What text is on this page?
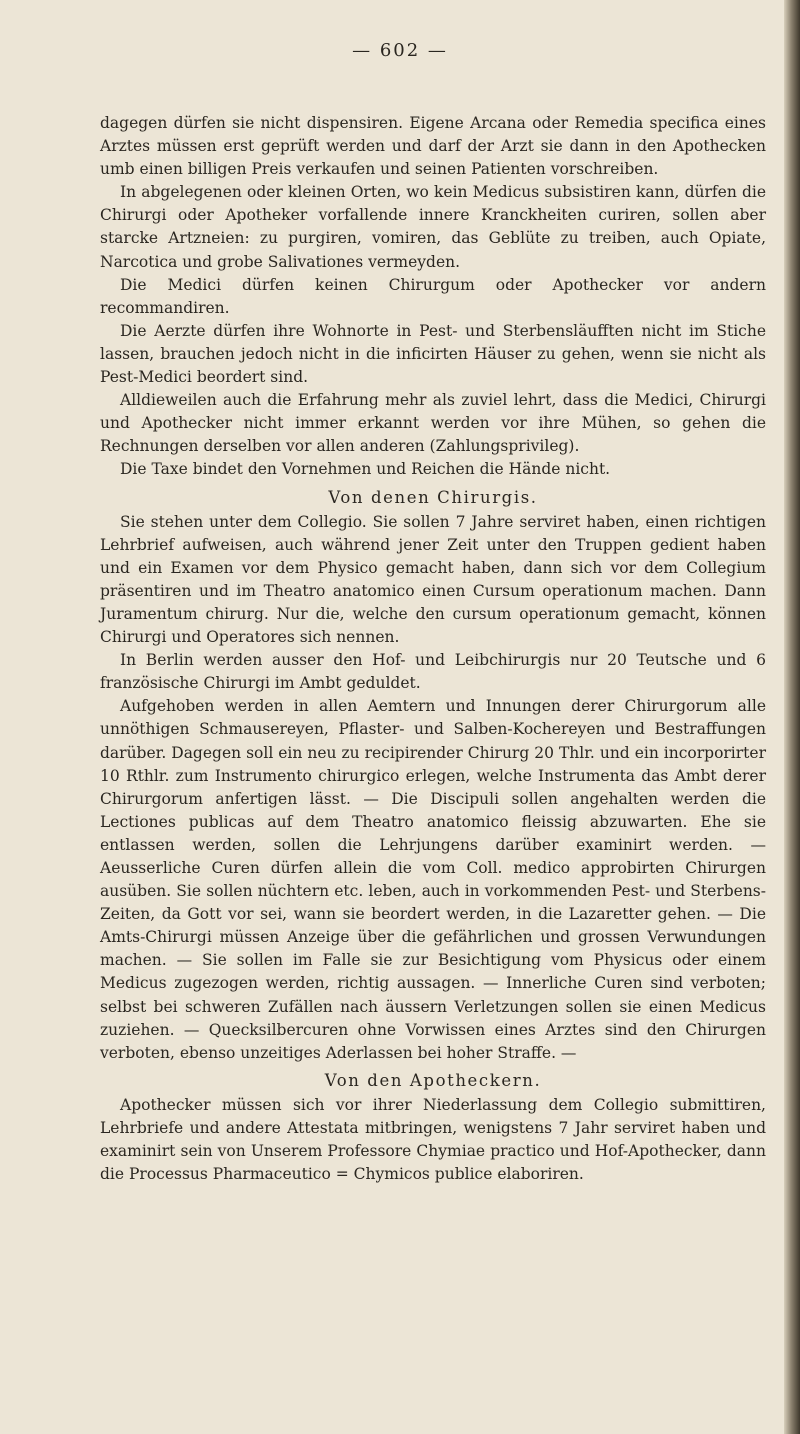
— 602 —

dagegen dürfen sie nicht dispensiren. Eigene Arcana oder Remedia specifica eines Arztes müssen erst geprüft werden und darf der Arzt sie dann in den Apothecken umb einen billigen Preis verkaufen und seinen Patienten vorschreiben.

In abgelegenen oder kleinen Orten, wo kein Medicus subsistiren kann, dürfen die Chirurgi oder Apotheker vorfallende innere Kranckheiten curiren, sollen aber starcke Artzneien: zu purgiren, vomiren, das Geblüte zu treiben, auch Opiate, Narcotica und grobe Salivationes vermeyden.

Die Medici dürfen keinen Chirurgum oder Apothecker vor andern recommandiren.

Die Aerzte dürfen ihre Wohnorte in Pest- und Sterbensläufften nicht im Stiche lassen, brauchen jedoch nicht in die inficirten Häuser zu gehen, wenn sie nicht als Pest-Medici beordert sind.

Alldieweilen auch die Erfahrung mehr als zuviel lehrt, dass die Medici, Chirurgi und Apothecker nicht immer erkannt werden vor ihre Mühen, so gehen die Rechnungen derselben vor allen anderen (Zahlungsprivileg).

Die Taxe bindet den Vornehmen und Reichen die Hände nicht.

Von denen Chirurgis.

Sie stehen unter dem Collegio. Sie sollen 7 Jahre serviret haben, einen richtigen Lehrbrief aufweisen, auch während jener Zeit unter den Truppen gedient haben und ein Examen vor dem Physico gemacht haben, dann sich vor dem Collegium präsentiren und im Theatro anatomico einen Cursum operationum machen. Dann Juramentum chirurg. Nur die, welche den cursum operationum gemacht, können Chirurgi und Operatores sich nennen.

In Berlin werden ausser den Hof- und Leibchirurgis nur 20 Teutsche und 6 französische Chirurgi im Ambt geduldet.

Aufgehoben werden in allen Aemtern und Innungen derer Chirurgorum alle unnöthigen Schmausereyen, Pflaster- und Salben-Kochereyen und Bestraffungen darüber. Dagegen soll ein neu zu recipirender Chirurg 20 Thlr. und ein incorporirter 10 Rthlr. zum Instrumento chirurgico erlegen, welche Instrumenta das Ambt derer Chirurgorum anfertigen lässt. — Die Discipuli sollen angehalten werden die Lectiones publicas auf dem Theatro anatomico fleissig abzuwarten. Ehe sie entlassen werden, sollen die Lehrjungens darüber examinirt werden. — Aeusserliche Curen dürfen allein die vom Coll. medico approbirten Chirurgen ausüben. Sie sollen nüchtern etc. leben, auch in vorkommenden Pest- und Sterbens-Zeiten, da Gott vor sei, wann sie beordert werden, in die Lazaretter gehen. — Die Amts-Chirurgi müssen Anzeige über die gefährlichen und grossen Verwundungen machen. — Sie sollen im Falle sie zur Besichtigung vom Physicus oder einem Medicus zugezogen werden, richtig aussagen. — Innerliche Curen sind verboten; selbst bei schweren Zufällen nach äussern Verletzungen sollen sie einen Medicus zuziehen. — Quecksilbercuren ohne Vorwissen eines Arztes sind den Chirurgen verboten, ebenso unzeitiges Aderlassen bei hoher Straffe. —

Von den Apotheckern.

Apothecker müssen sich vor ihrer Niederlassung dem Collegio submittiren, Lehrbriefe und andere Attestata mitbringen, wenigstens 7 Jahr serviret haben und examinirt sein von Unserem Professore Chymiae practico und Hof-Apothecker, dann die Processus Pharmaceutico = Chymicos publice elaboriren.
